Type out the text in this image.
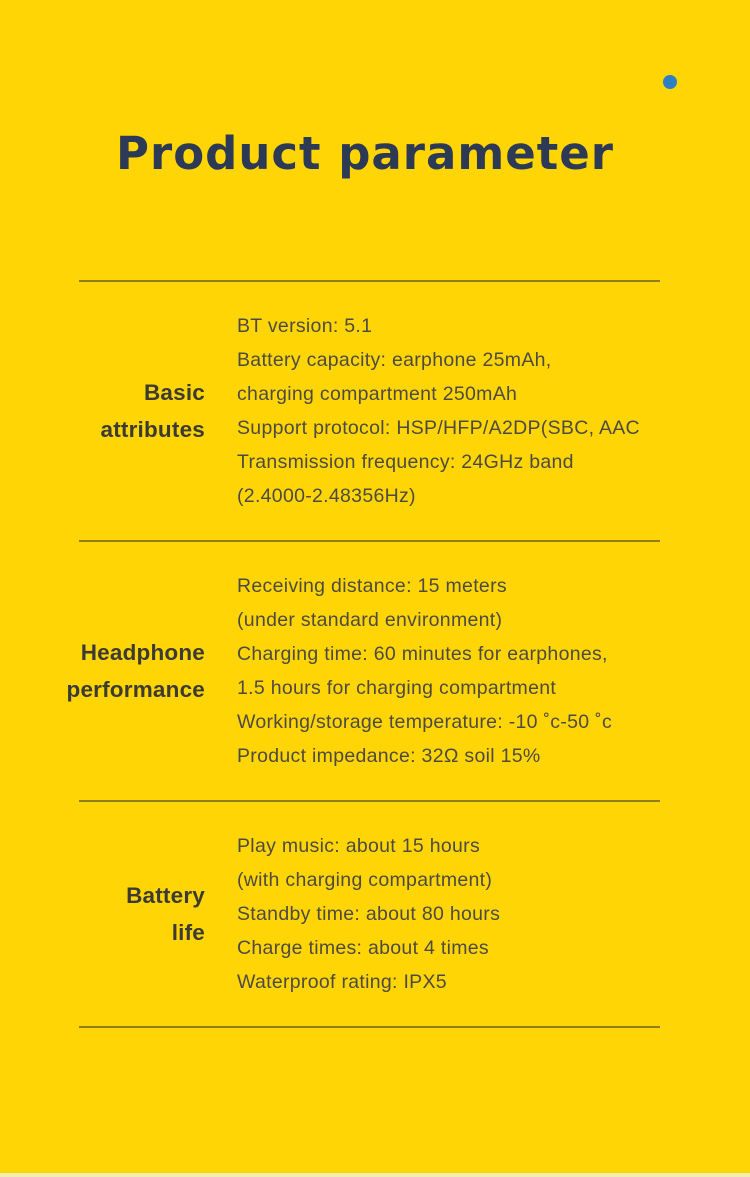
Product parameter
Basic
attributes
BT version: 5.1
Battery capacity: earphone 25mAh,
charging compartment 250mAh
Support protocol: HSP/HFP/A2DP(SBC, AAC
Transmission frequency: 24GHz band
(2.4000-2.48356Hz)
Headphone
performance
Receiving distance: 15 meters
(under standard environment)
Charging time: 60 minutes for earphones,
1.5 hours for charging compartment
Working/storage temperature: -10 ˚c-50 ˚c
Product impedance: 32Ω soil 15%
Battery
life
Play music: about 15 hours
(with charging compartment)
Standby time: about 80 hours
Charge times: about 4 times
Waterproof rating: IPX5
